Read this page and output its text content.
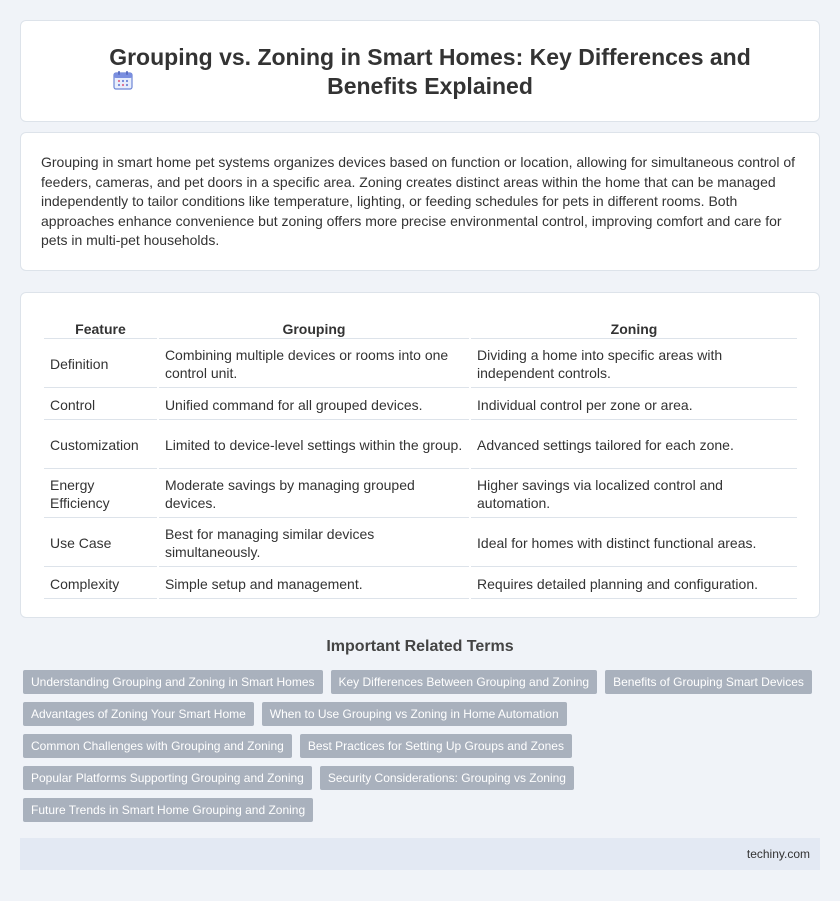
Grouping vs. Zoning in Smart Homes: Key Differences and Benefits Explained

Grouping in smart home pet systems organizes devices based on function or location, allowing for simultaneous control of feeders, cameras, and pet doors in a specific area. Zoning creates distinct areas within the home that can be managed independently to tailor conditions like temperature, lighting, or feeding schedules for pets in different rooms. Both approaches enhance convenience but zoning offers more precise environmental control, improving comfort and care for pets in multi-pet households.

Feature	Grouping	Zoning
Definition	Combining multiple devices or rooms into one control unit.	Dividing a home into specific areas with independent controls.
Control	Unified command for all grouped devices.	Individual control per zone or area.
Customization	Limited to device-level settings within the group.	Advanced settings tailored for each zone.
Energy Efficiency	Moderate savings by managing grouped devices.	Higher savings via localized control and automation.
Use Case	Best for managing similar devices simultaneously.	Ideal for homes with distinct functional areas.
Complexity	Simple setup and management.	Requires detailed planning and configuration.
Important Related Terms
Understanding Grouping and Zoning in Smart Homes	Key Differences Between Grouping and Zoning	Benefits of Grouping Smart Devices
Advantages of Zoning Your Smart Home	When to Use Grouping vs Zoning in Home Automation
Common Challenges with Grouping and Zoning	Best Practices for Setting Up Groups and Zones
Popular Platforms Supporting Grouping and Zoning	Security Considerations: Grouping vs Zoning
Future Trends in Smart Home Grouping and Zoning
techiny.com
